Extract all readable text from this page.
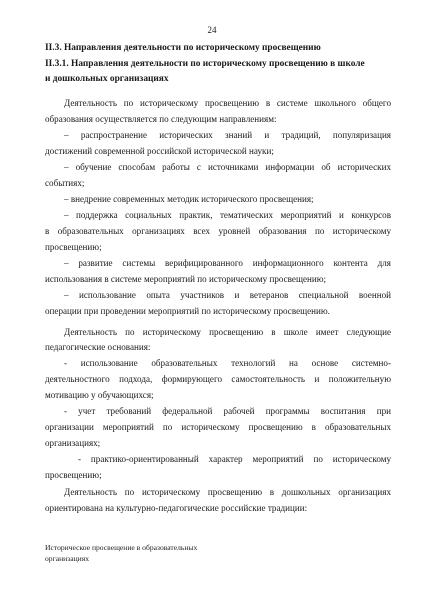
24

II.3. Направления деятельности по историческому просвещению

II.3.1. Направления деятельности по историческому просвещению в школе
и дошкольных организациях

Деятельность по историческому просвещению в системе школьного общего
образования осуществляется по следующим направлениям:
– распространение исторических знаний и традиций, популяризация
достижений современной российской исторической науки;
– обучение способам работы с источниками информации об исторических
событиях;
– внедрение современных методик исторического просвещения;
– поддержка социальных практик, тематических мероприятий и конкурсов
в образовательных организациях всех уровней образования по историческому
просвещению;
– развитие системы верифицированного информационного контента для
использования в системе мероприятий по историческому просвещению;
– использование опыта участников и ветеранов специальной военной
операции при проведении мероприятий по историческому просвещению.
Деятельность по историческому просвещению в школе имеет следующие
педагогические основания:
- использование образовательных технологий на основе системно-
деятельностного подхода, формирующего самостоятельность и положительную
мотивацию у обучающихся;
- учет требований федеральной рабочей программы воспитания при
организации мероприятий по историческому просвещению в образовательных
организациях;
- практико-ориентированный характер мероприятий по историческому
просвещению;
Деятельность по историческому просвещению в дошкольных организациях
ориентирована на культурно-педагогические российские традиции:
Историческое просвещение в образовательных
организациях
